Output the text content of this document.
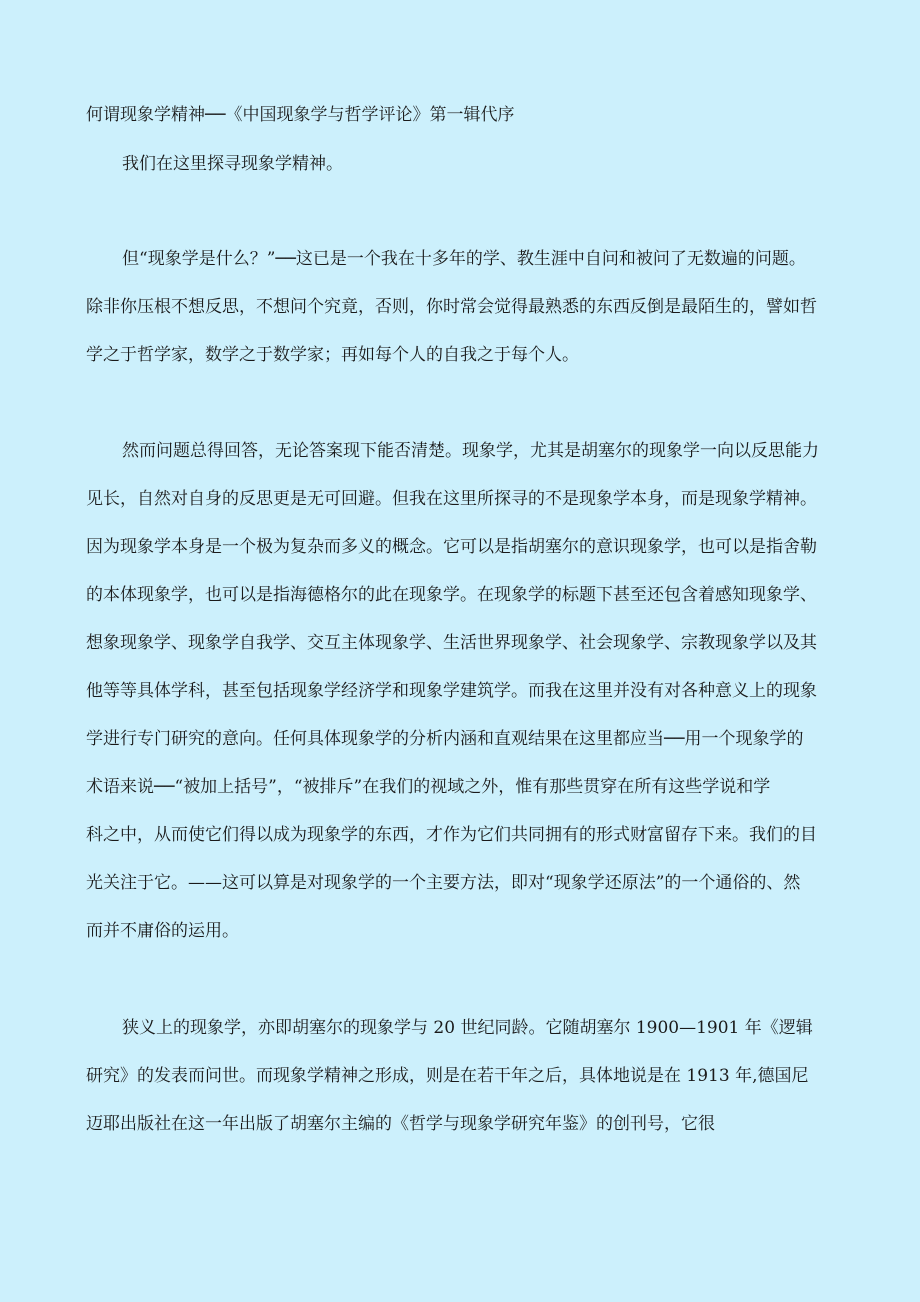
何谓现象学精神──《中国现象学与哲学评论》第一辑代序
我们在这里探寻现象学精神。
但“现象学是什么？”──这已是一个我在十多年的学、教生涯中自问和被问了无数遍的问题。
除非你压根不想反思，不想问个究竟，否则，你时常会觉得最熟悉的东西反倒是最陌生的，譬如哲
学之于哲学家，数学之于数学家；再如每个人的自我之于每个人。
然而问题总得回答，无论答案现下能否清楚。现象学，尤其是胡塞尔的现象学一向以反思能力
见长，自然对自身的反思更是无可回避。但我在这里所探寻的不是现象学本身，而是现象学精神。
因为现象学本身是一个极为复杂而多义的概念。它可以是指胡塞尔的意识现象学，也可以是指舍勒
的本体现象学，也可以是指海德格尔的此在现象学。在现象学的标题下甚至还包含着感知现象学、
想象现象学、现象学自我学、交互主体现象学、生活世界现象学、社会现象学、宗教现象学以及其
他等等具体学科，甚至包括现象学经济学和现象学建筑学。而我在这里并没有对各种意义上的现象
学进行专门研究的意向。任何具体现象学的分析内涵和直观结果在这里都应当──用一个现象学的
术语来说──“被加上括号”，“被排斥”在我们的视域之外，惟有那些贯穿在所有这些学说和学
科之中，从而使它们得以成为现象学的东西，才作为它们共同拥有的形式财富留存下来。我们的目
光关注于它。——这可以算是对现象学的一个主要方法，即对“现象学还原法”的一个通俗的、然
而并不庸俗的运用。
狭义上的现象学，亦即胡塞尔的现象学与 20 世纪同龄。它随胡塞尔 1900—1901 年《逻辑
研究》的发表而问世。而现象学精神之形成，则是在若干年之后，具体地说是在 1913 年,德国尼
迈耶出版社在这一年出版了胡塞尔主编的《哲学与现象学研究年鉴》的创刊号，它很
